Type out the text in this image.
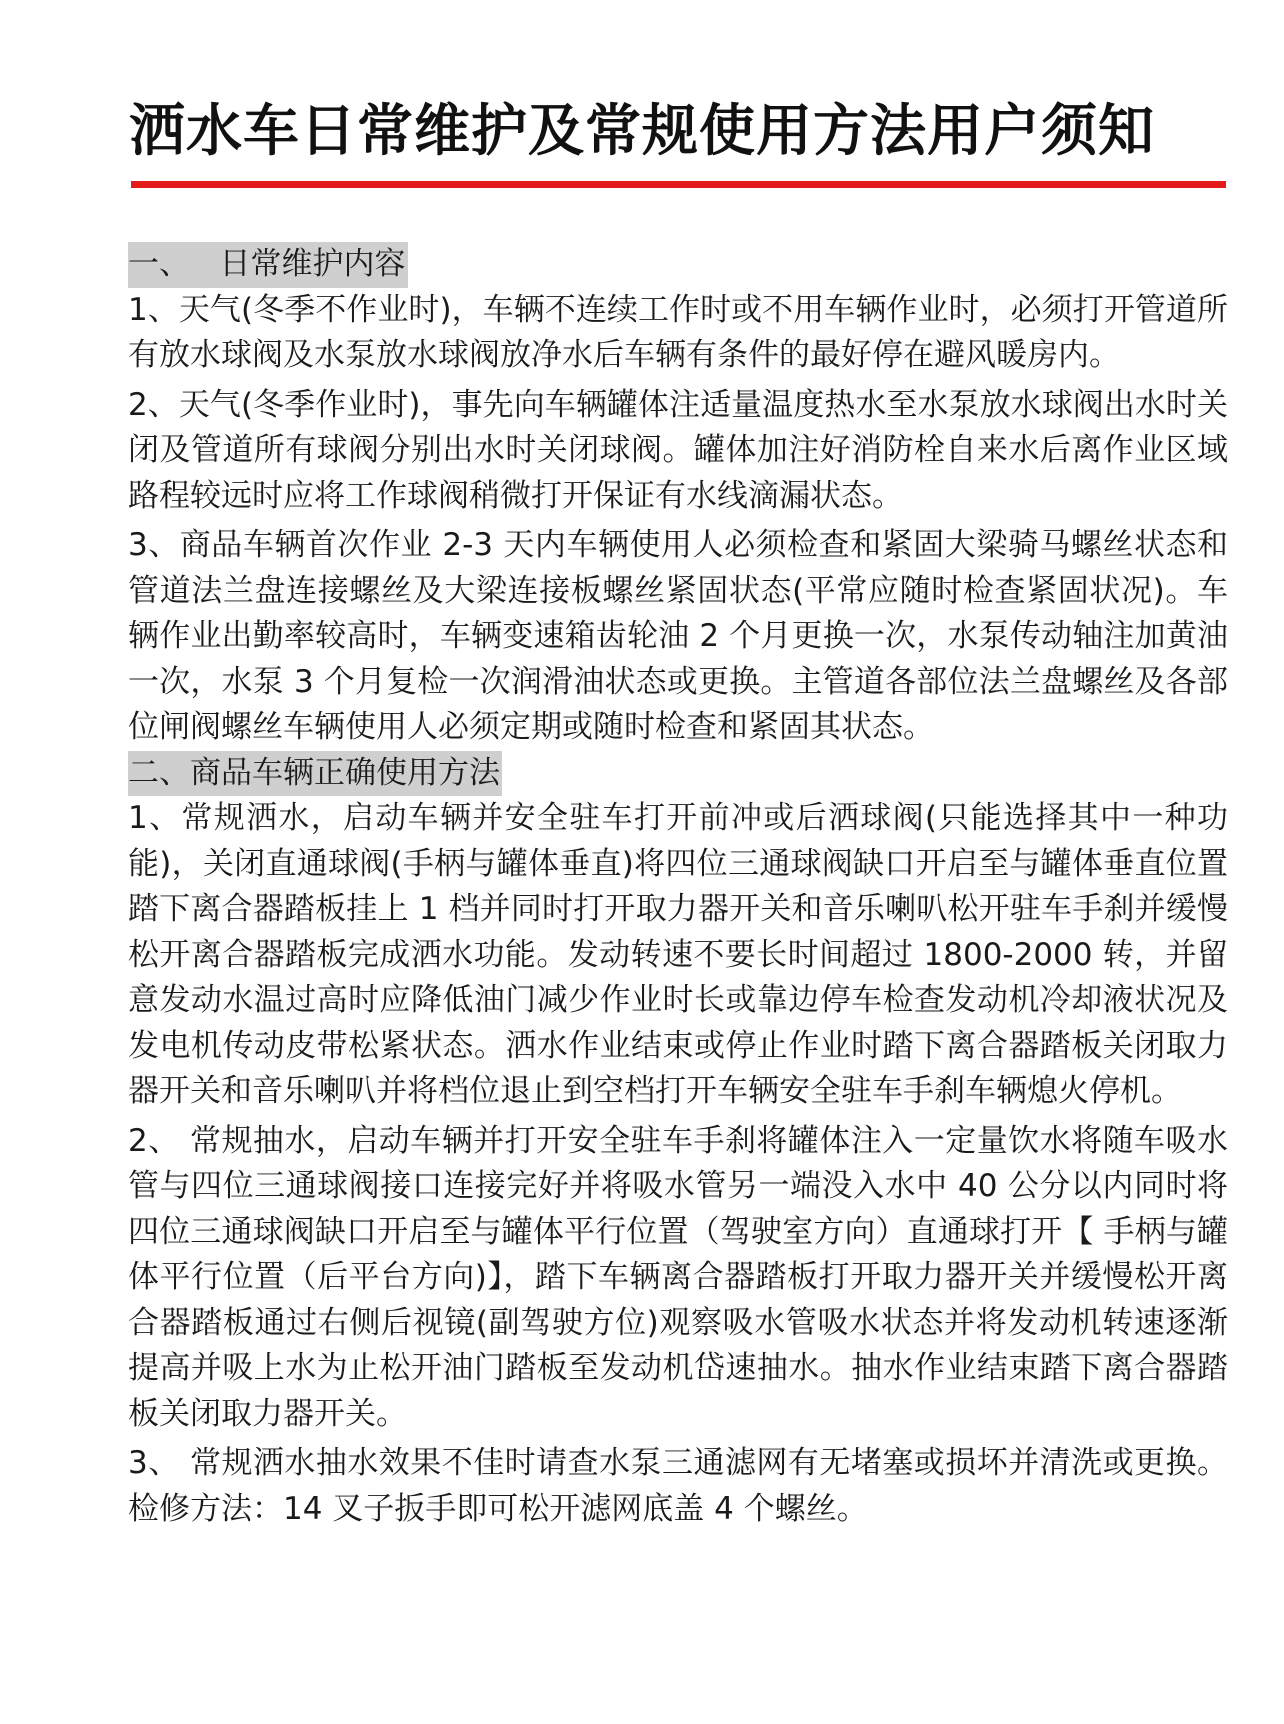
洒水车日常维护及常规使用方法用户须知
一、   日常维护内容

1、天气(冬季不作业时)，车辆不连续工作时或不用车辆作业时，必须打开管道所有放水球阀及水泵放水球阀放净水后车辆有条件的最好停在避风暖房内。

2、天气(冬季作业时)，事先向车辆罐体注适量温度热水至水泵放水球阀出水时关闭及管道所有球阀分别出水时关闭球阀。罐体加注好消防栓自来水后离作业区域路程较远时应将工作球阀稍微打开保证有水线滴漏状态。

3、商品车辆首次作业 2-3 天内车辆使用人必须检查和紧固大梁骑马螺丝状态和管道法兰盘连接螺丝及大梁连接板螺丝紧固状态(平常应随时检查紧固状况)。车辆作业出勤率较高时，车辆变速箱齿轮油 2 个月更换一次，水泵传动轴注加黄油一次，水泵 3 个月复检一次润滑油状态或更换。主管道各部位法兰盘螺丝及各部位闸阀螺丝车辆使用人必须定期或随时检查和紧固其状态。

二、商品车辆正确使用方法

1、常规洒水，启动车辆并安全驻车打开前冲或后洒球阀(只能选择其中一种功能)，关闭直通球阀(手柄与罐体垂直)将四位三通球阀缺口开启至与罐体垂直位置踏下离合器踏板挂上 1 档并同时打开取力器开关和音乐喇叭松开驻车手刹并缓慢松开离合器踏板完成洒水功能。发动转速不要长时间超过 1800-2000 转，并留意发动水温过高时应降低油门减少作业时长或靠边停车检查发动机冷却液状况及发电机传动皮带松紧状态。洒水作业结束或停止作业时踏下离合器踏板关闭取力器开关和音乐喇叭并将档位退止到空档打开车辆安全驻车手刹车辆熄火停机。

2、 常规抽水，启动车辆并打开安全驻车手刹将罐体注入一定量饮水将随车吸水管与四位三通球阀接口连接完好并将吸水管另一端没入水中 40 公分以内同时将四位三通球阀缺口开启至与罐体平行位置（驾驶室方向）直通球打开【 手柄与罐体平行位置（后平台方向)】，踏下车辆离合器踏板打开取力器开关并缓慢松开离合器踏板通过右侧后视镜(副驾驶方位)观察吸水管吸水状态并将发动机转速逐渐提高并吸上水为止松开油门踏板至发动机岱速抽水。抽水作业结束踏下离合器踏板关闭取力器开关。

3、 常规洒水抽水效果不佳时请查水泵三通滤网有无堵塞或损坏并清洗或更换。检修方法：14 叉子扳手即可松开滤网底盖 4 个螺丝。
